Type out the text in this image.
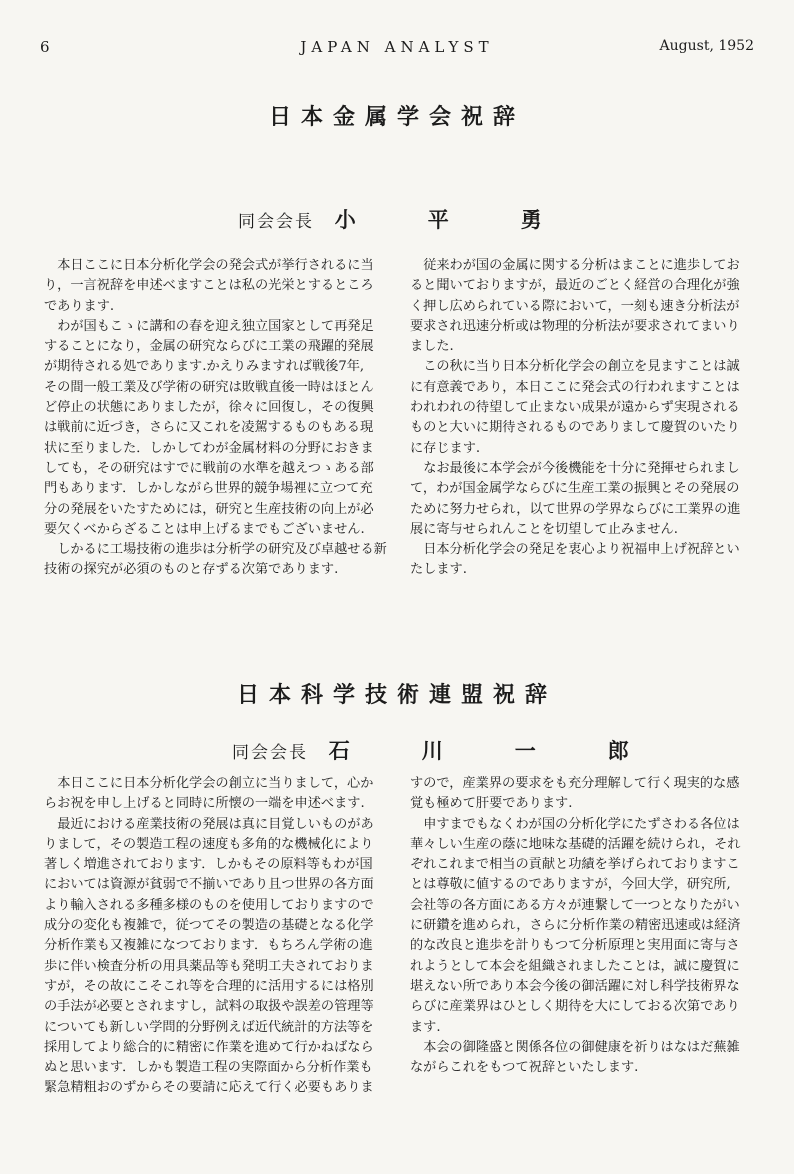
6	JAPAN ANALYST	August, 1952
日本金属学会祝辞
同会会長 小	平	勇

本日ここに日本分析化学会の発会式が挙行されるに当

り，一言祝辞を申述べますことは私の光栄とするところ

であります.

わが国もこゝに講和の春を迎え独立国家として再発足

することになり，金属の研究ならびに工業の飛躍的発展

が期待される処であります.かえりみますれば戦後7年,

その間一般工業及び学術の研究は敗戦直後一時はほとん

ど停止の状態にありましたが，徐々に回復し，その復興

は戦前に近づき，さらに又これを凌駕するものもある現

状に至りました．しかしてわが金属材料の分野におきま

しても，その研究はすでに戦前の水準を越えつゝある部

門もあります．しかしながら世界的競争場裡に立つて充

分の発展をいたすためには，研究と生産技術の向上が必

要欠くべからざることは申上げるまでもございません.

しかるに工場技術の進歩は分析学の研究及び卓越せる新

技術の探究が必須のものと存ずる次第であります.

従来わが国の金属に関する分析はまことに進歩してお

ると聞いておりますが，最近のごとく経営の合理化が強

く押し広められている際において，一刻も速き分析法が

要求され迅速分析或は物理的分析法が要求されてまいり

ました.

この秋に当り日本分析化学会の創立を見ますことは誠

に有意義であり，本日ここに発会式の行われますことは

われわれの待望して止まない成果が遠からず実現される

ものと大いに期待されるものでありまして慶賀のいたり

に存じます.

なお最後に本学会が今後機能を十分に発揮せられまし

て，わが国金属学ならびに生産工業の振興とその発展の

ために努力せられ，以て世界の学界ならびに工業界の進

展に寄与せられんことを切望して止みません.

日本分析化学会の発足を衷心より祝福申上げ祝辞とい

たします.

日本科学技術連盟祝辞
同会会長 石	川	一	郎

本日ここに日本分析化学会の創立に当りまして，心か

らお祝を申し上げると同時に所懐の一端を申述べます.

最近における産業技術の発展は真に目覚しいものがあ

りまして，その製造工程の速度も多角的な機械化により

著しく増進されております．しかもその原料等もわが国

においては資源が貧弱で不揃いであり且つ世界の各方面

より輸入される多種多様のものを使用しておりますので

成分の変化も複雑で，従つてその製造の基礎となる化学

分析作業も又複雑になつております．もちろん学術の進

歩に伴い検査分析の用具薬品等も発明工夫されておりま

すが，その故にこそこれ等を合理的に活用するには格別

の手法が必要とされますし，試料の取扱や誤差の管理等

についても新しい学問的分野例えば近代統計的方法等を

採用してより総合的に精密に作業を進めて行かねばなら

ぬと思います．しかも製造工程の実際面から分析作業も

緊急精粗おのずからその要請に応えて行く必要もありま

すので，産業界の要求をも充分理解して行く現実的な感

覚も極めて肝要であります.

申すまでもなくわが国の分析化学にたずさわる各位は

華々しい生産の蔭に地味な基礎的活躍を続けられ，それ

ぞれこれまで相当の貢献と功績を挙げられておりますこ

とは尊敬に値するのでありますが，今回大学，研究所,

会社等の各方面にある方々が連繋して一つとなりたがい

に研鑽を進められ，さらに分析作業の精密迅速或は経済

的な改良と進歩を計りもつて分析原理と実用面に寄与さ

れようとして本会を組織されましたことは，誠に慶賀に

堪えない所であり本会今後の御活躍に対し科学技術界な

らびに産業界はひとしく期待を大にしておる次第であり

ます.

本会の御隆盛と関係各位の御健康を祈りはなはだ蕪雑

ながらこれをもつて祝辞といたします.
